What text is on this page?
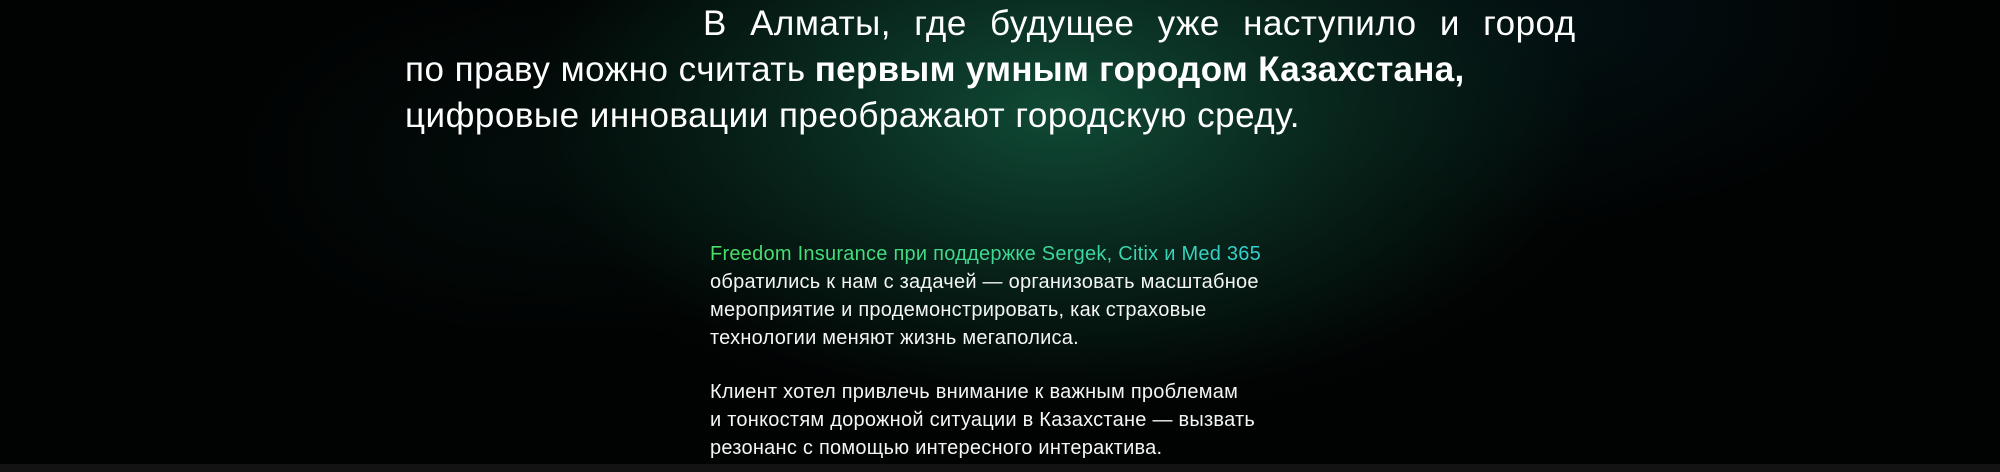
В Алматы, где будущее уже наступило и город
по праву можно считать первым умным городом Казахстана,
цифровые инновации преображают городскую среду.

Freedom Insurance при поддержке Sergek, Citix и Med 365
обратились к нам с задачей — организовать масштабное
мероприятие и продемонстрировать, как страховые
технологии меняют жизнь мегаполиса.

Клиент хотел привлечь внимание к важным проблемам
и тонкостям дорожной ситуации в Казахстане — вызвать
резонанс с помощью интересного интерактива.
